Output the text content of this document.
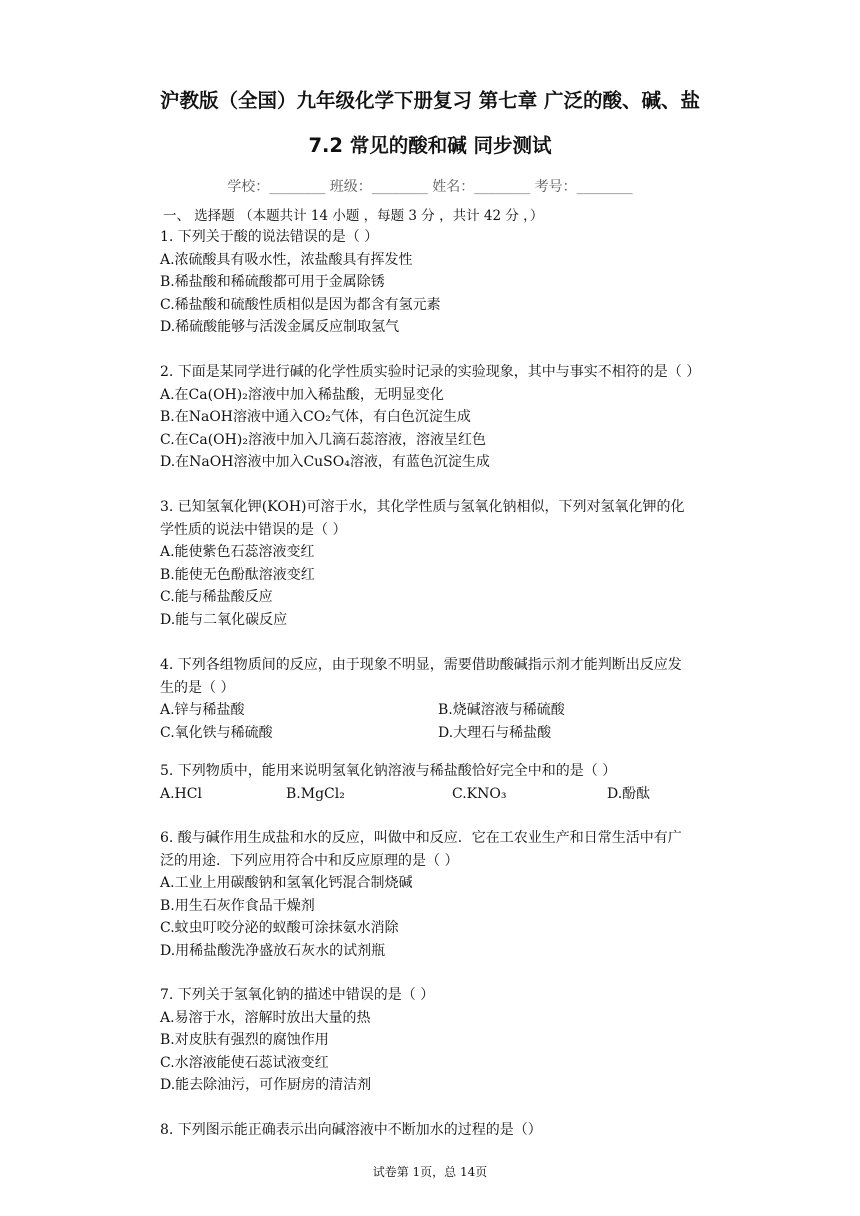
沪教版（全国）九年级化学下册复习 第七章 广泛的酸、碱、盐
7.2 常见的酸和碱 同步测试
学校：________ 班级：________ 姓名：________ 考号：________
一、 选择题 （本题共计 14 小题 ，每题 3 分 ，共计 42 分 ，）

1. 下列关于酸的说法错误的是（ ）

A.浓硫酸具有吸水性，浓盐酸具有挥发性

B.稀盐酸和稀硫酸都可用于金属除锈

C.稀盐酸和硫酸性质相似是因为都含有氢元素

D.稀硫酸能够与活泼金属反应制取氢气

2. 下面是某同学进行碱的化学性质实验时记录的实验现象，其中与事实不相符的是（ ）

A.在Ca(OH)₂溶液中加入稀盐酸，无明显变化

B.在NaOH溶液中通入CO₂气体，有白色沉淀生成

C.在Ca(OH)₂溶液中加入几滴石蕊溶液，溶液呈红色

D.在NaOH溶液中加入CuSO₄溶液，有蓝色沉淀生成

3. 已知氢氧化钾(KOH)可溶于水，其化学性质与氢氧化钠相似，下列对氢氧化钾的化

学性质的说法中错误的是（ ）

A.能使紫色石蕊溶液变红

B.能使无色酚酞溶液变红

C.能与稀盐酸反应

D.能与二氧化碳反应

4. 下列各组物质间的反应，由于现象不明显，需要借助酸碱指示剂才能判断出反应发

生的是（ ）

A.锌与稀盐酸	B.烧碱溶液与稀硫酸
C.氧化铁与稀硫酸	D.大理石与稀盐酸

5. 下列物质中，能用来说明氢氧化钠溶液与稀盐酸恰好完全中和的是（ ）

A.HCl	B.MgCl₂	C.KNO₃	D.酚酞

6. 酸与碱作用生成盐和水的反应，叫做中和反应．它在工农业生产和日常生活中有广

泛的用途．下列应用符合中和反应原理的是（ ）

A.工业上用碳酸钠和氢氧化钙混合制烧碱

B.用生石灰作食品干燥剂

C.蚊虫叮咬分泌的蚁酸可涂抹氨水消除

D.用稀盐酸洗净盛放石灰水的试剂瓶

7. 下列关于氢氧化钠的描述中错误的是（ ）

A.易溶于水，溶解时放出大量的热

B.对皮肤有强烈的腐蚀作用

C.水溶液能使石蕊试液变红

D.能去除油污，可作厨房的清洁剂

8. 下列图示能正确表示出向碱溶液中不断加水的过程的是（）

试卷第 1页，总 14页
